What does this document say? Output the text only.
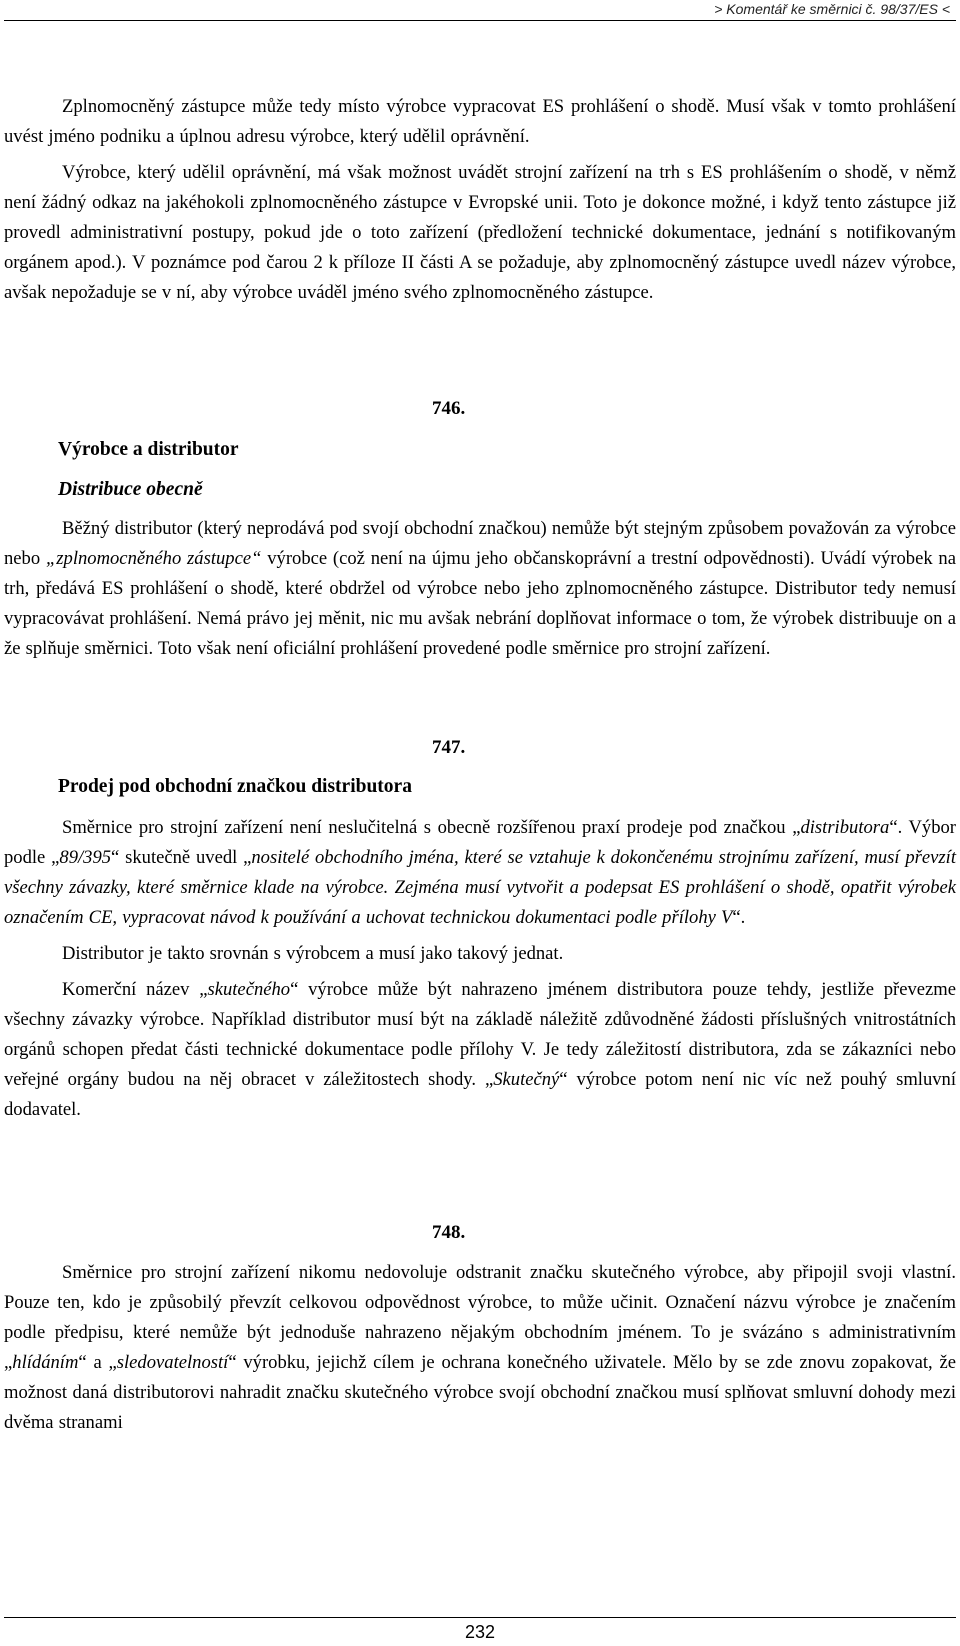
> Komentář ke směrnici č. 98/37/ES <

Zplnomocněný zástupce může tedy místo výrobce vypracovat ES prohlášení o shodě. Musí však v tomto prohlášení uvést jméno podniku a úplnou adresu výrobce, který udělil oprávnění.

Výrobce, který udělil oprávnění, má však možnost uvádět strojní zařízení na trh s ES prohlášením o shodě, v němž není žádný odkaz na jakéhokoli zplnomocněného zástupce v Evropské unii. Toto je dokonce možné, i když tento zástupce již provedl administrativní postupy, pokud jde o toto zařízení (předložení technické dokumentace, jednání s notifikovaným orgánem apod.). V poznámce pod čarou 2 k příloze II části A se požaduje, aby zplnomocněný zástupce uvedl název výrobce, avšak nepožaduje se v ní, aby výrobce uváděl jméno svého zplnomocněného zástupce.

746.
Výrobce a distributor
Distribuce obecně

Běžný distributor (který neprodává pod svojí obchodní značkou) nemůže být stejným způsobem považován za výrobce nebo „zplnomocněného zástupce“ výrobce (což není na újmu jeho občanskoprávní a trestní odpovědnosti). Uvádí výrobek na trh, předává ES prohlášení o shodě, které obdržel od výrobce nebo jeho zplnomocněného zástupce. Distributor tedy nemusí vypracovávat prohlášení. Nemá právo jej měnit, nic mu avšak nebrání doplňovat informace o tom, že výrobek distribuuje on a že splňuje směrnici. Toto však není oficiální prohlášení provedené podle směrnice pro strojní zařízení.

747.
Prodej pod obchodní značkou distributora

Směrnice pro strojní zařízení není neslučitelná s obecně rozšířenou praxí prodeje pod značkou „distributora“. Výbor podle „89/395“ skutečně uvedl „nositelé obchodního jména, které se vztahuje k dokončenému strojnímu zařízení, musí převzít všechny závazky, které směrnice klade na výrobce. Zejména musí vytvořit a podepsat ES prohlášení o shodě, opatřit výrobek označením CE, vypracovat návod k používání a uchovat technickou dokumentaci podle přílohy V“.

Distributor je takto srovnán s výrobcem a musí jako takový jednat.

Komerční název „skutečného“ výrobce může být nahrazeno jménem distributora pouze tehdy, jestliže převezme všechny závazky výrobce. Například distributor musí být na základě náležitě zdůvodněné žádosti příslušných vnitrostátních orgánů schopen předat části technické dokumentace podle přílohy V. Je tedy záležitostí distributora, zda se zákazníci nebo veřejné orgány budou na něj obracet v záležitostech shody. „Skutečný“ výrobce potom není nic víc než pouhý smluvní dodavatel.

748.

Směrnice pro strojní zařízení nikomu nedovoluje odstranit značku skutečného výrobce, aby připojil svoji vlastní. Pouze ten, kdo je způsobilý převzít celkovou odpovědnost výrobce, to může učinit. Označení názvu výrobce je značením podle předpisu, které nemůže být jednoduše nahrazeno nějakým obchodním jménem. To je svázáno s administrativním „hlídáním“ a „sledovatelností“ výrobku, jejichž cílem je ochrana konečného uživatele. Mělo by se zde znovu zopakovat, že možnost daná distributorovi nahradit značku skutečného výrobce svojí obchodní značkou musí splňovat smluvní dohody mezi dvěma stranami

232
